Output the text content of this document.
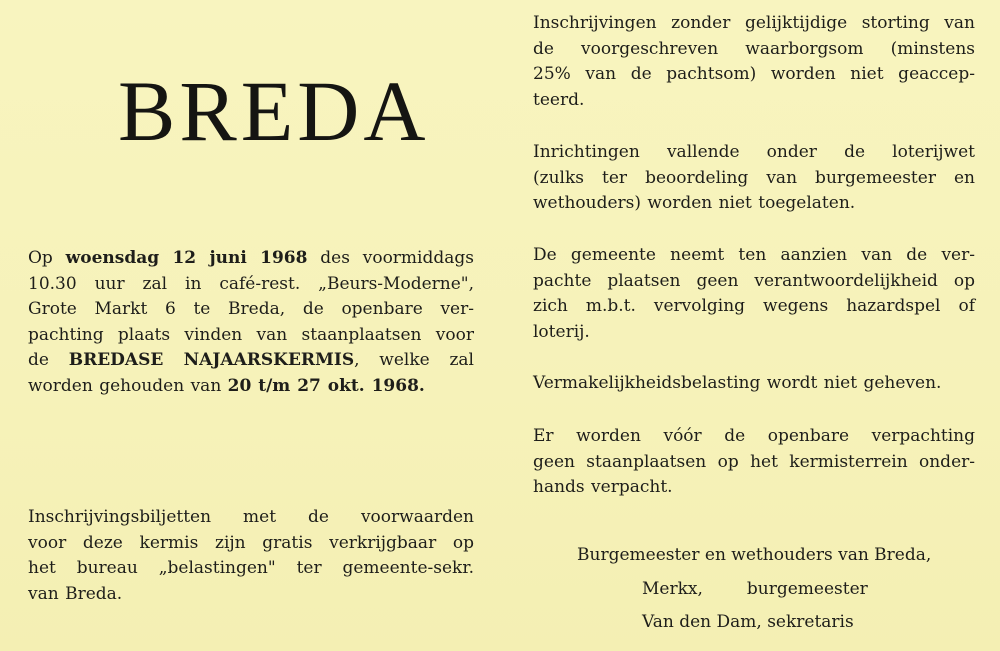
BREDA
Op woensdag 12 juni 1968 des voormiddags
10.30 uur zal in café-rest. „Beurs-Moderne",
Grote Markt 6 te Breda, de openbare ver-
pachting plaats vinden van staanplaatsen voor
de BREDASE NAJAARSKERMIS, welke zal
worden gehouden van 20 t/m 27 okt. 1968.
Inschrijvingsbiljetten met de voorwaarden
voor deze kermis zijn gratis verkrijgbaar op
het bureau „belastingen" ter gemeente-sekr.
van Breda.
Inschrijvingen zonder gelijktijdige storting van
de voorgeschreven waarborgsom (minstens
25% van de pachtsom) worden niet geaccep-
teerd.
Inrichtingen vallende onder de loterijwet
(zulks ter beoordeling van burgemeester en
wethouders) worden niet toegelaten.
De gemeente neemt ten aanzien van de ver-
pachte plaatsen geen verantwoordelijkheid op
zich m.b.t. vervolging wegens hazardspel of
loterij.
Vermakelijkheidsbelasting wordt niet geheven.
Er worden vóór de openbare verpachting
geen staanplaatsen op het kermisterrein onder-
hands verpacht.
Burgemeester en wethouders van Breda,
Merkx,	burgemeester
Van den Dam, sekretaris
